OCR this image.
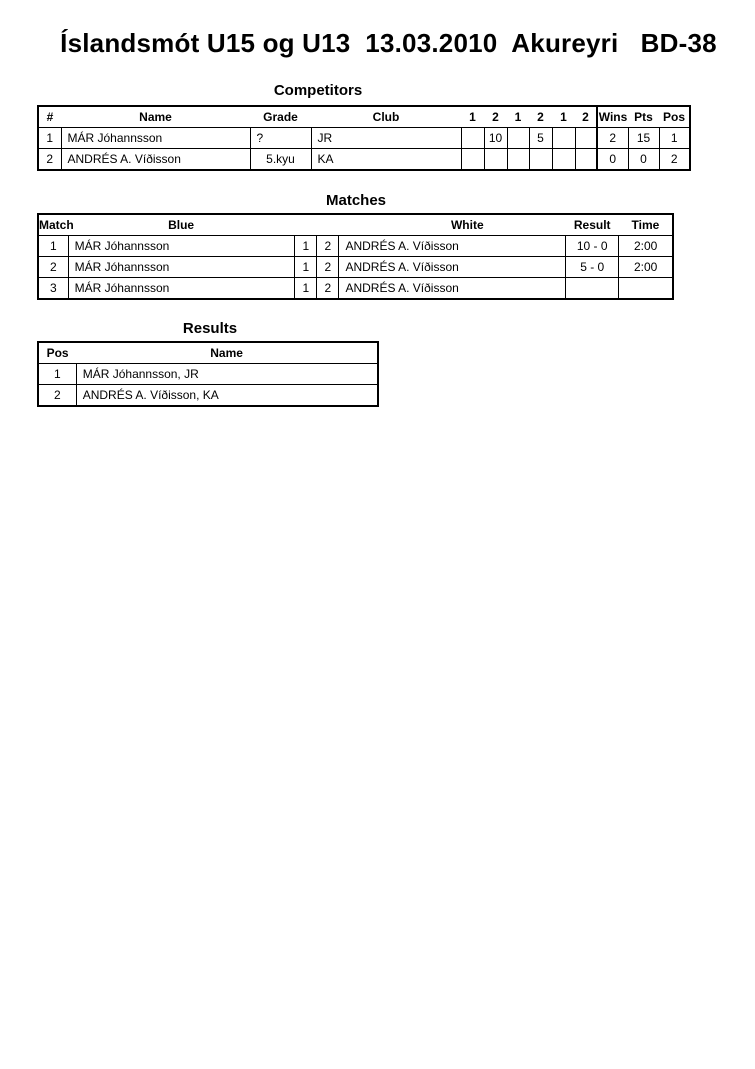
Íslandsmót U15 og U13  13.03.2010  Akureyri   BD-38
Competitors
#	Name	Grade	Club	1	2	1	2	1	2	Wins	Pts	Pos
1	MÁR Jóhannsson	?	JR		10		5			2	15	1
2	ANDRÉS A. Víðisson	5.kyu	KA							0	0	2
Matches
Match	Blue			White	Result	Time
1	MÁR Jóhannsson	1	2	ANDRÉS A. Víðisson	10 - 0	2:00
2	MÁR Jóhannsson	1	2	ANDRÉS A. Víðisson	5 - 0	2:00
3	MÁR Jóhannsson	1	2	ANDRÉS A. Víðisson		
Results
Pos	Name
1	MÁR Jóhannsson, JR
2	ANDRÉS A. Víðisson, KA
